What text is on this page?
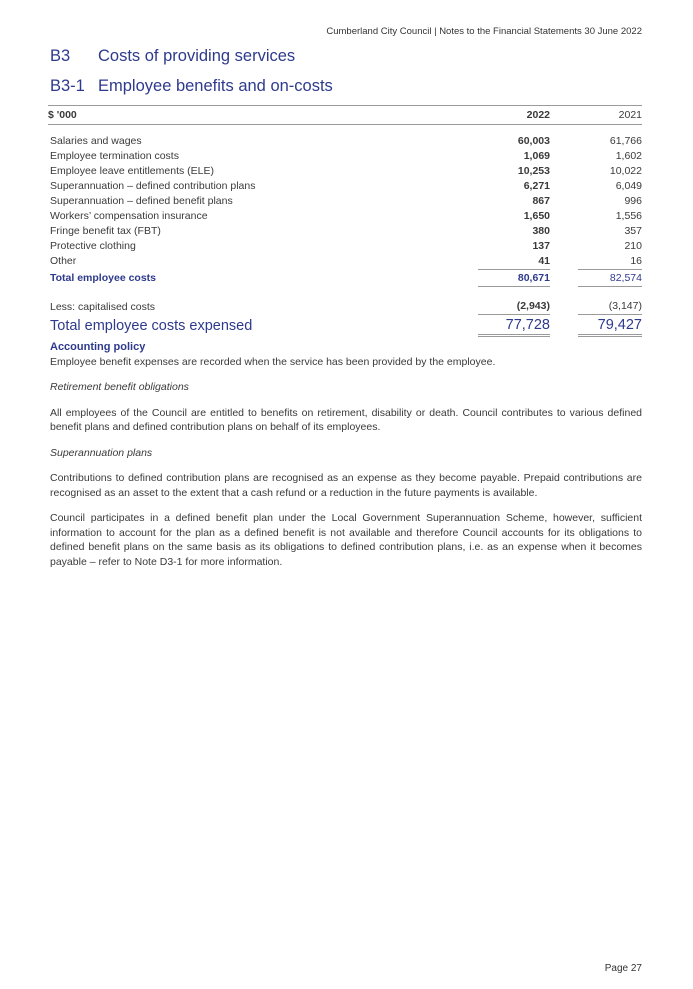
Cumberland City Council | Notes to the Financial Statements 30 June 2022
B3 Costs of providing services
B3-1 Employee benefits and on-costs
$ '000	2022	2021

Salaries and wages	60,003	61,766
Employee termination costs	1,069	1,602
Employee leave entitlements (ELE)	10,253	10,022
Superannuation – defined contribution plans	6,271	6,049
Superannuation – defined benefit plans	867	996
Workers’ compensation insurance	1,650	1,556
Fringe benefit tax (FBT)	380	357
Protective clothing	137	210
Other	41	16
Total employee costs	80,671	82,574

Less: capitalised costs	(2,943)	(3,147)

Total employee costs expensed	77,728	79,427

Accounting policy

Employee benefit expenses are recorded when the service has been provided by the employee.

Retirement benefit obligations

All employees of the Council are entitled to benefits on retirement, disability or death. Council contributes to various defined benefit plans and defined contribution plans on behalf of its employees.

Superannuation plans

Contributions to defined contribution plans are recognised as an expense as they become payable. Prepaid contributions are recognised as an asset to the extent that a cash refund or a reduction in the future payments is available.

Council participates in a defined benefit plan under the Local Government Superannuation Scheme, however, sufficient information to account for the plan as a defined benefit is not available and therefore Council accounts for its obligations to defined benefit plans on the same basis as its obligations to defined contribution plans, i.e. as an expense when it becomes payable – refer to Note D3-1 for more information.

Page 27
